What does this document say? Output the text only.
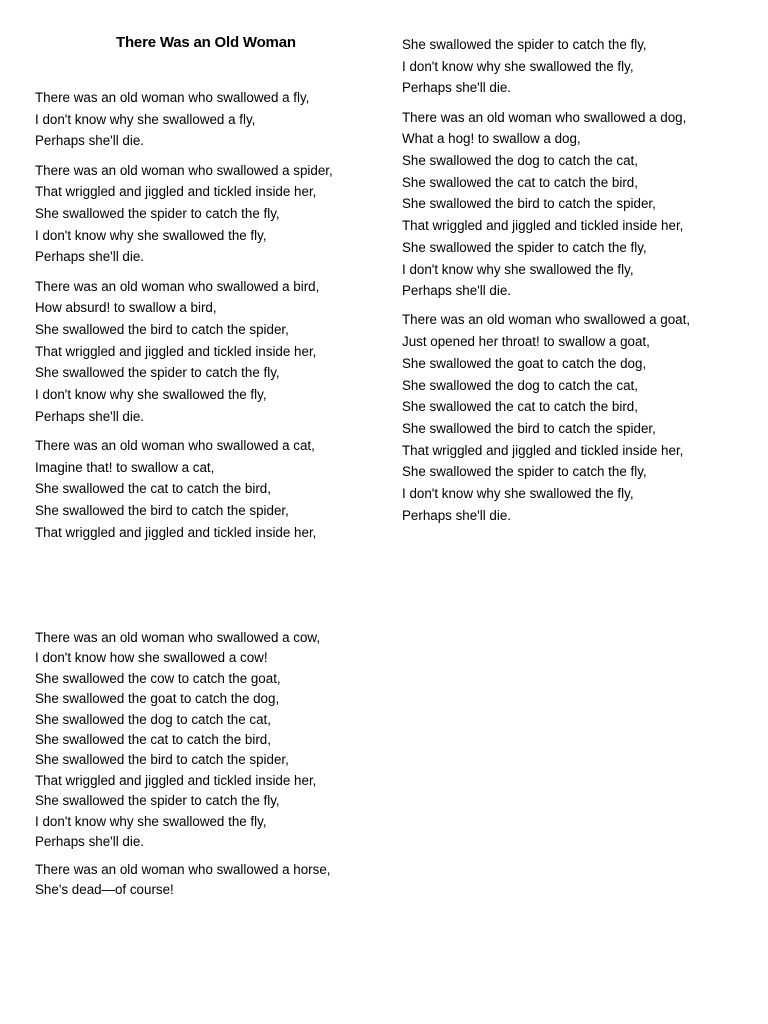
There Was an Old Woman
There was an old woman who swallowed a fly,
I don't know why she swallowed a fly,
Perhaps she'll die.
There was an old woman who swallowed a spider,
That wriggled and jiggled and tickled inside her,
She swallowed the spider to catch the fly,
I don't know why she swallowed the fly,
Perhaps she'll die.
There was an old woman who swallowed a bird,
How absurd! to swallow a bird,
She swallowed the bird to catch the spider,
That wriggled and jiggled and tickled inside her,
She swallowed the spider to catch the fly,
I don't know why she swallowed the fly,
Perhaps she'll die.
There was an old woman who swallowed a cat,
Imagine that! to swallow a cat,
She swallowed the cat to catch the bird,
She swallowed the bird to catch the spider,
That wriggled and jiggled and tickled inside her,
There was an old woman who swallowed a cow,
I don't know how she swallowed a cow!
She swallowed the cow to catch the goat,
She swallowed the goat to catch the dog,
She swallowed the dog to catch the cat,
She swallowed the cat to catch the bird,
She swallowed the bird to catch the spider,
That wriggled and jiggled and tickled inside her,
She swallowed the spider to catch the fly,
I don't know why she swallowed the fly,
Perhaps she'll die.
There was an old woman who swallowed a horse,
She's dead—of course!
She swallowed the spider to catch the fly,
I don't know why she swallowed the fly,
Perhaps she'll die.
There was an old woman who swallowed a dog,
What a hog! to swallow a dog,
She swallowed the dog to catch the cat,
She swallowed the cat to catch the bird,
She swallowed the bird to catch the spider,
That wriggled and jiggled and tickled inside her,
She swallowed the spider to catch the fly,
I don't know why she swallowed the fly,
Perhaps she'll die.
There was an old woman who swallowed a goat,
Just opened her throat! to swallow a goat,
She swallowed the goat to catch the dog,
She swallowed the dog to catch the cat,
She swallowed the cat to catch the bird,
She swallowed the bird to catch the spider,
That wriggled and jiggled and tickled inside her,
She swallowed the spider to catch the fly,
I don't know why she swallowed the fly,
Perhaps she'll die.
